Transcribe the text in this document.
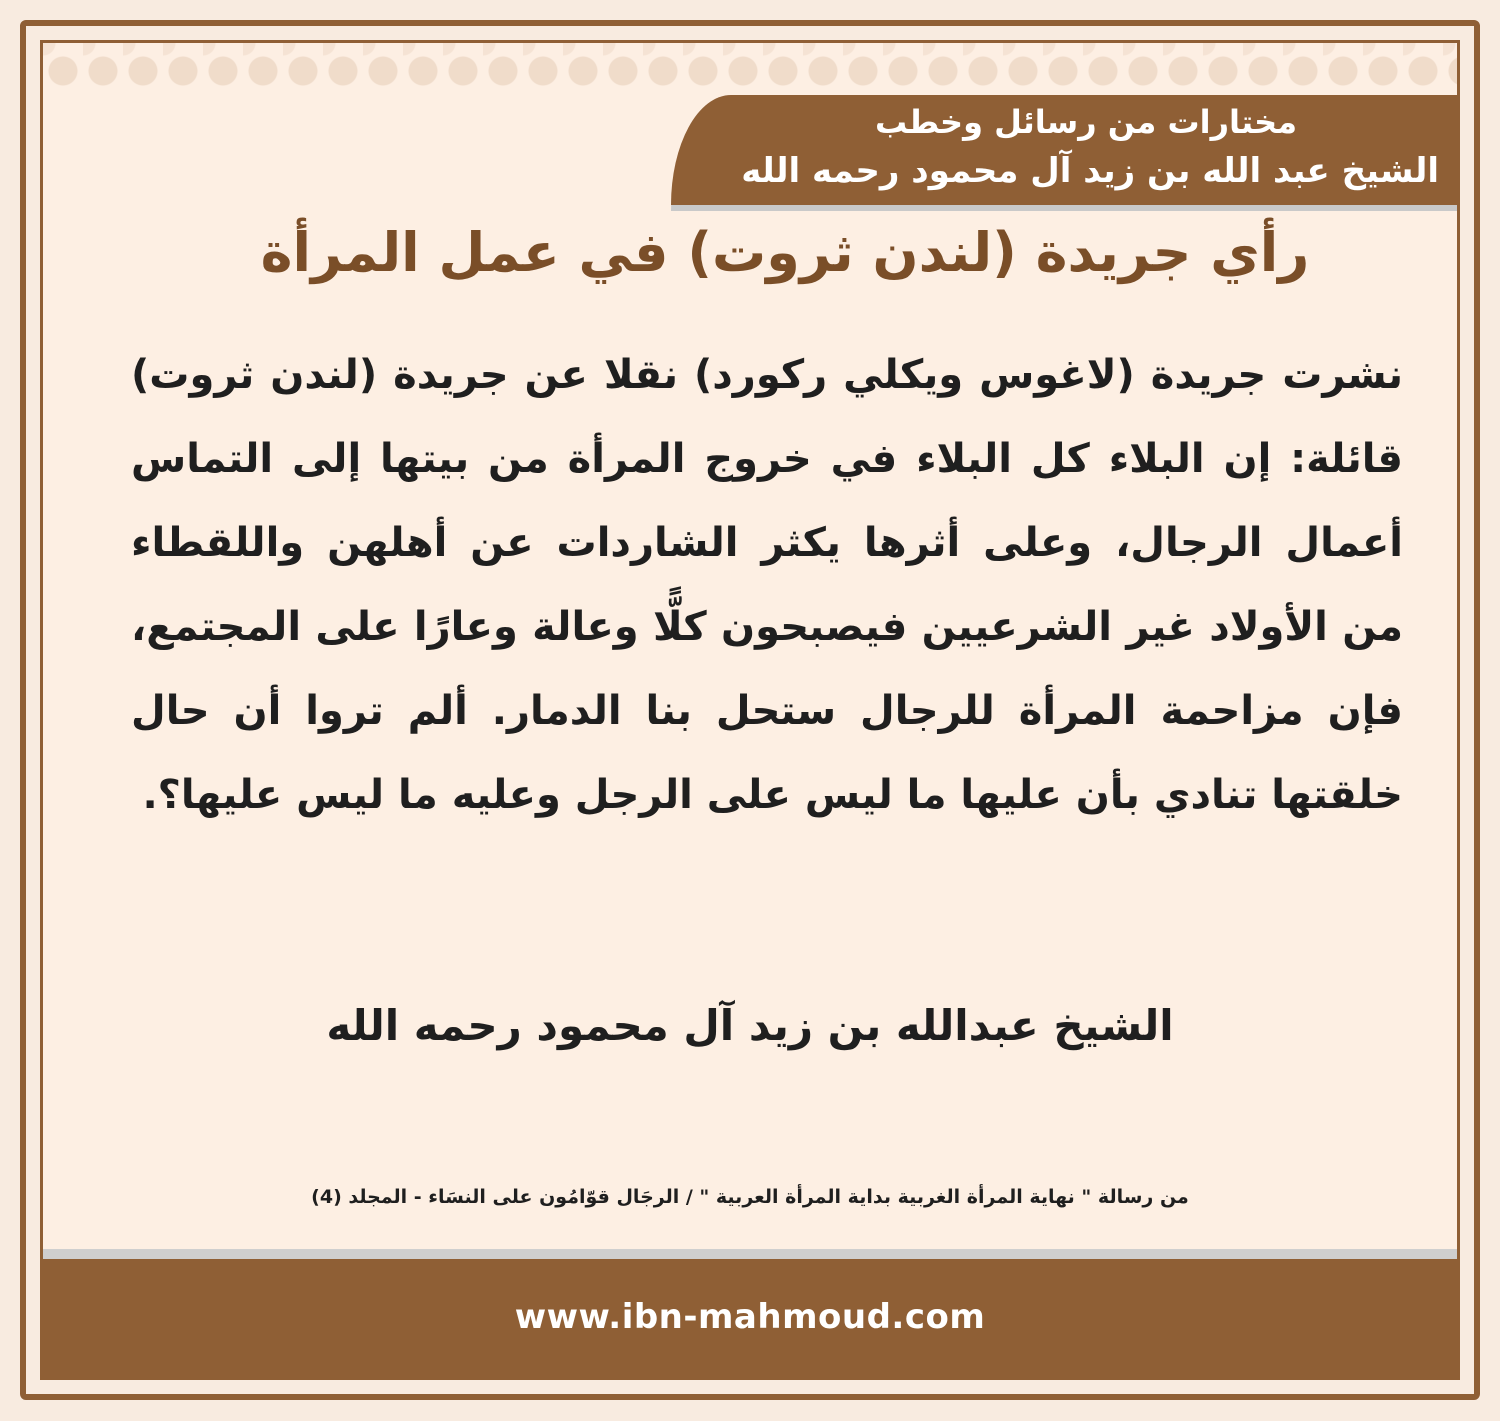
مختارات من رسائل وخطب
الشيخ عبد الله بن زيد آل محمود رحمه الله
رأي جريدة (لندن ثروت) في عمل المرأة
نشرت جريدة (لاغوس ويكلي ركورد) نقلا عن جريدة (لندن ثروت) قائلة: إن البلاء كل البلاء في خروج المرأة من بيتها إلى التماس أعمال الرجال، وعلى أثرها يكثر الشاردات عن أهلهن واللقطاء من الأولاد غير الشرعيين فيصبحون كلًّا وعالة وعارًا على المجتمع، فإن مزاحمة المرأة للرجال ستحل بنا الدمار. ألم تروا أن حال خلقتها تنادي بأن عليها ما ليس على الرجل وعليه ما ليس عليها؟.
الشيخ عبدالله بن زيد آل محمود رحمه الله
من رسالة " نهاية المرأة الغربية بداية المرأة العربية " / الرجَال قوّامُون على النسَاء - المجلد (4)
www.ibn-mahmoud.com
